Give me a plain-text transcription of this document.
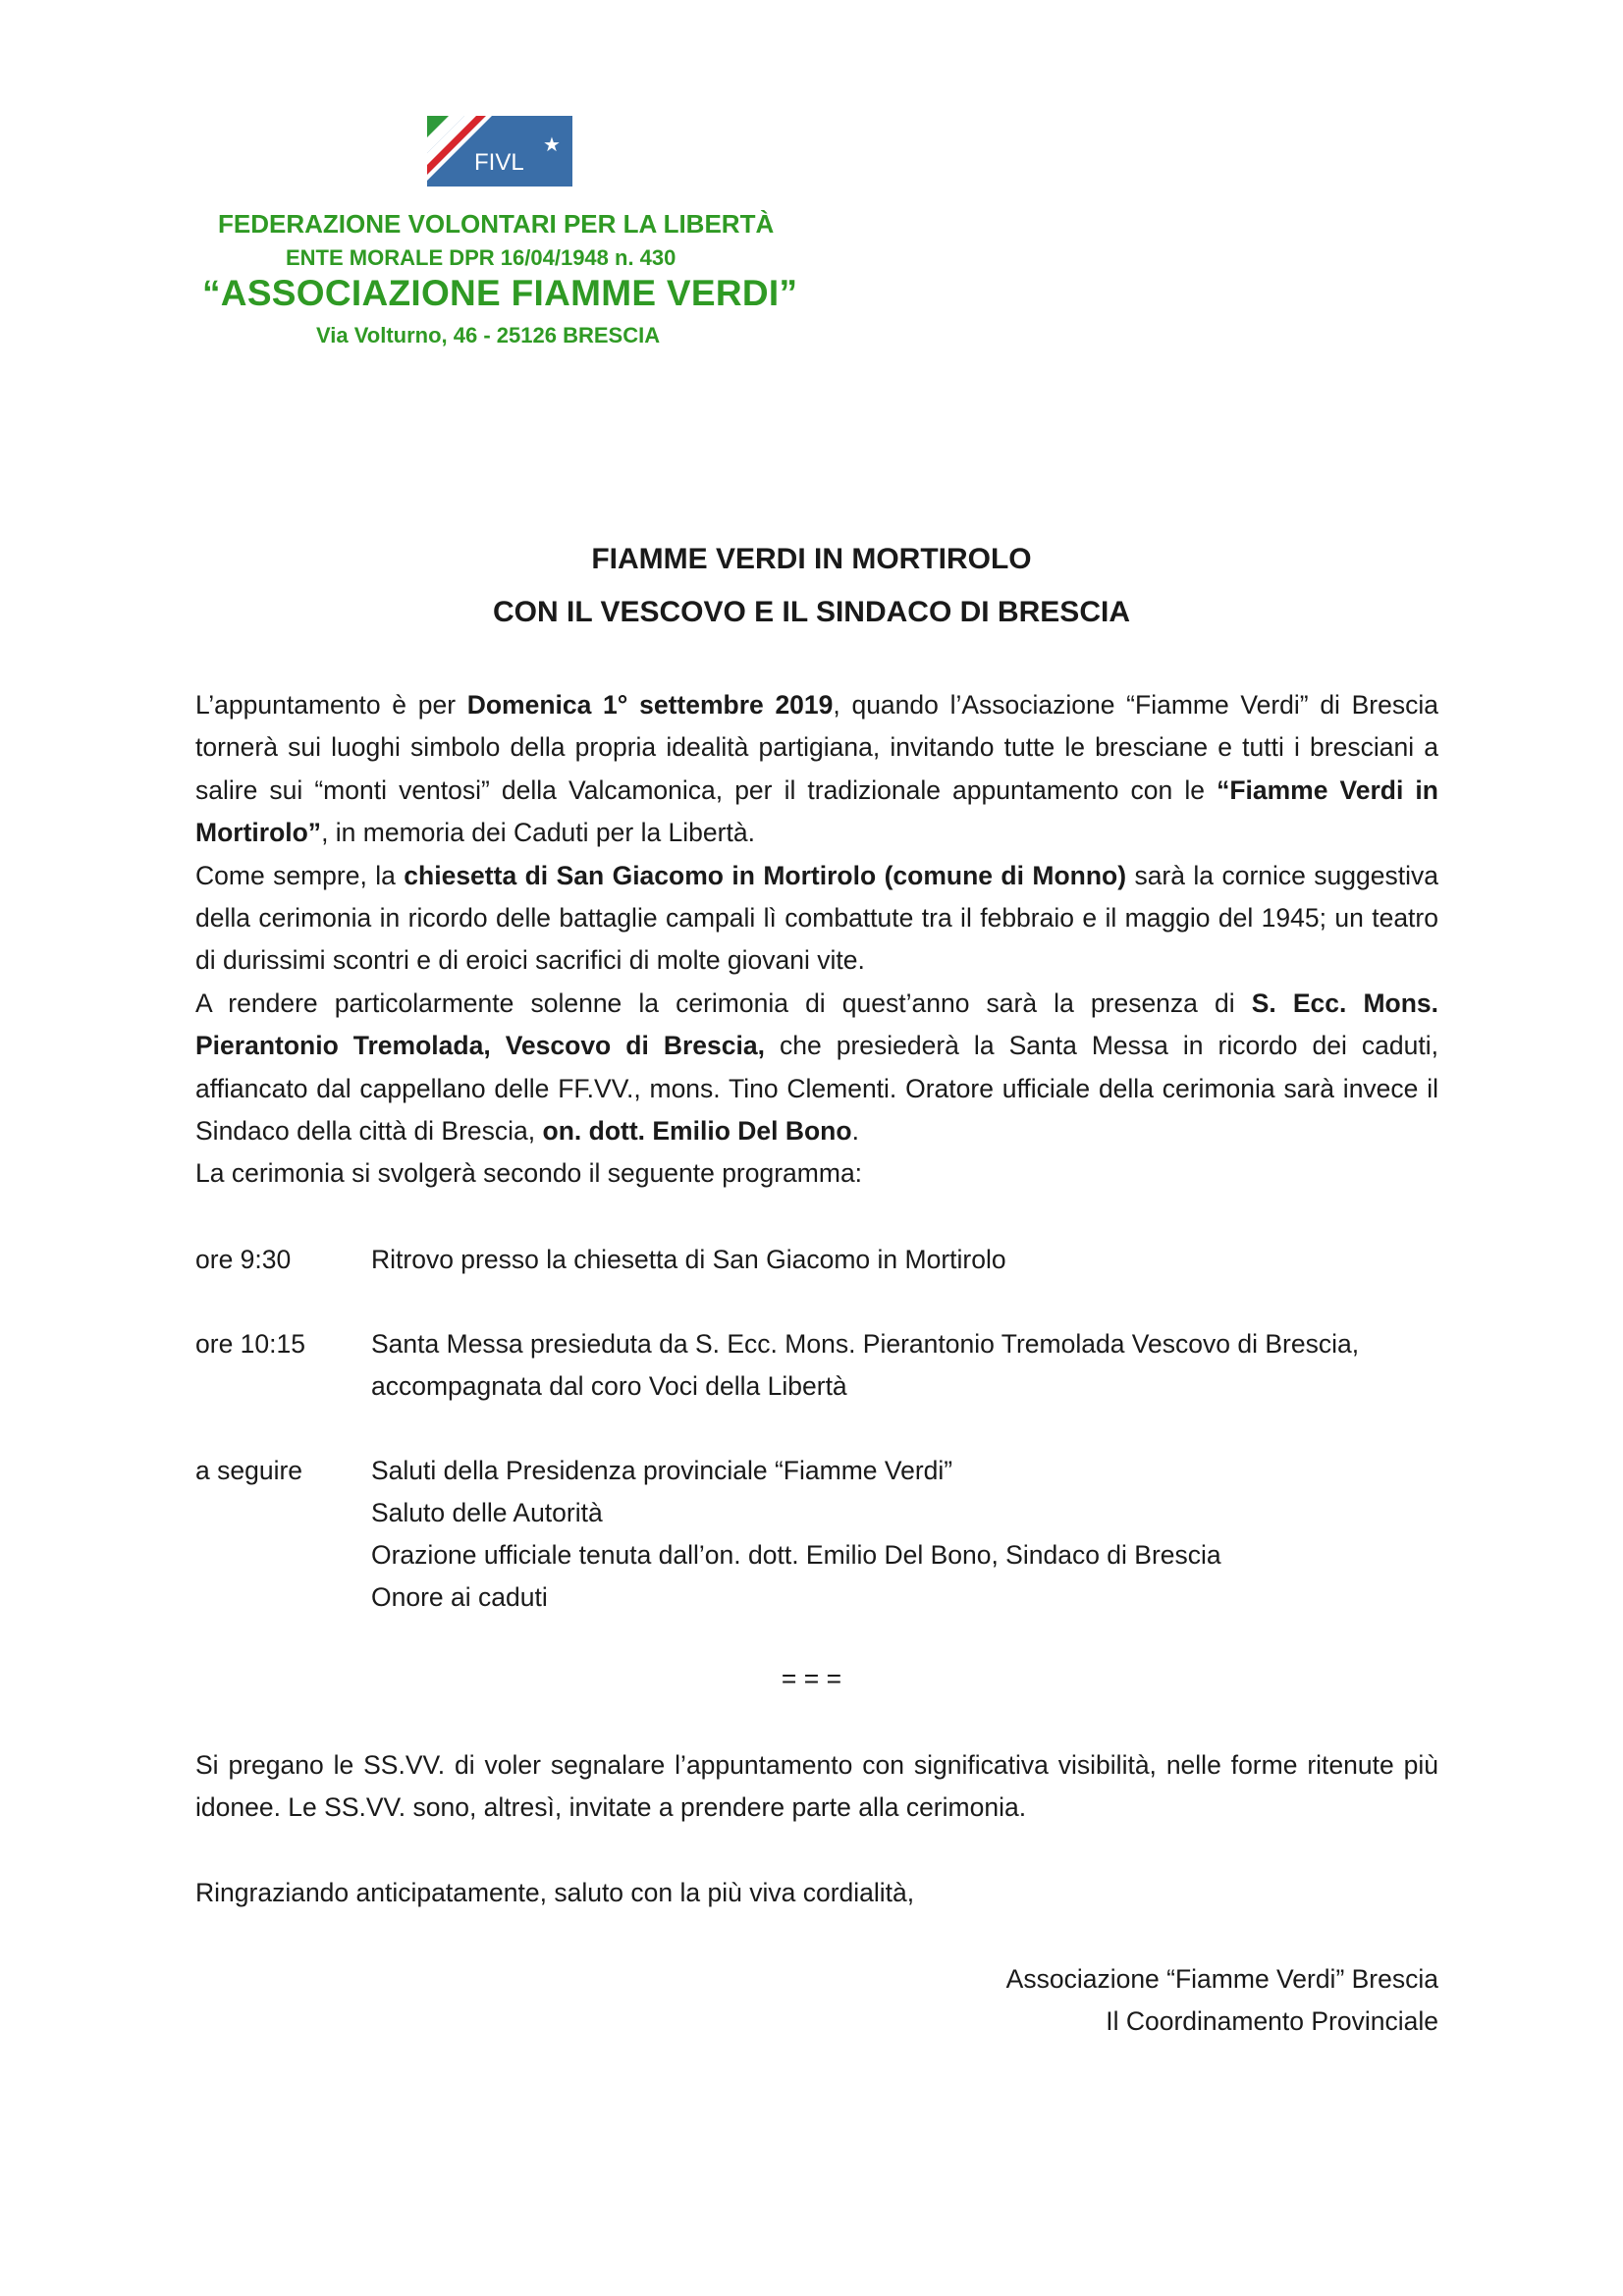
FIVL
★
FEDERAZIONE VOLONTARI PER LA LIBERTÀ
ENTE MORALE DPR 16/04/1948 n. 430
“ASSOCIAZIONE FIAMME VERDI”
Via Volturno, 46 - 25126 BRESCIA
FIAMME VERDI IN MORTIROLO
CON IL VESCOVO E IL SINDACO DI BRESCIA
L’appuntamento è per Domenica 1° settembre 2019, quando l’Associazione “Fiamme Verdi” di Brescia tornerà sui luoghi simbolo della propria idealità partigiana, invitando tutte le bresciane e tutti i bresciani a salire sui “monti ventosi” della Valcamonica, per il tradizionale appuntamento con le “Fiamme Verdi in Mortirolo”, in memoria dei Caduti per la Libertà.
Come sempre, la chiesetta di San Giacomo in Mortirolo (comune di Monno) sarà la cornice suggestiva della cerimonia in ricordo delle battaglie campali lì combattute tra il febbraio e il maggio del 1945; un teatro di durissimi scontri e di eroici sacrifici di molte giovani vite.
A rendere particolarmente solenne la cerimonia di quest’anno sarà la presenza di S. Ecc. Mons. Pierantonio Tremolada, Vescovo di Brescia, che presiederà la Santa Messa in ricordo dei caduti, affiancato dal cappellano delle FF.VV., mons. Tino Clementi. Oratore ufficiale della cerimonia sarà invece il Sindaco della città di Brescia, on. dott. Emilio Del Bono.
La cerimonia si svolgerà secondo il seguente programma:
ore 9:30	Ritrovo presso la chiesetta di San Giacomo in Mortirolo
ore 10:15	Santa Messa presieduta da S. Ecc. Mons. Pierantonio Tremolada Vescovo di Brescia,
accompagnata dal coro Voci della Libertà
a seguire	Saluti della Presidenza provinciale “Fiamme Verdi”
Saluto delle Autorità
Orazione ufficiale tenuta dall’on. dott. Emilio Del Bono, Sindaco di Brescia
Onore ai caduti
= = =
Si pregano le SS.VV. di voler segnalare l’appuntamento con significativa visibilità, nelle forme ritenute più idonee. Le SS.VV. sono, altresì, invitate a prendere parte alla cerimonia.
Ringraziando anticipatamente, saluto con la più viva cordialità,
Associazione “Fiamme Verdi” Brescia
Il Coordinamento Provinciale
